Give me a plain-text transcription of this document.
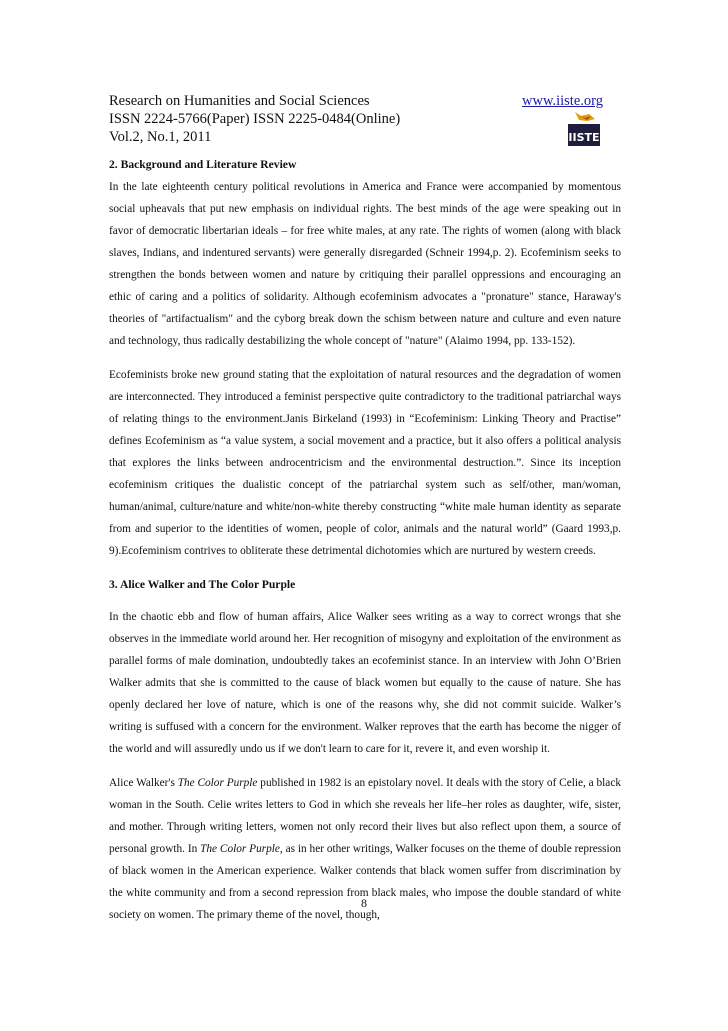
Research on Humanities and Social Sciences	www.iiste.org
ISSN 2224-5766(Paper) ISSN 2225-0484(Online)
Vol.2, No.1, 2011	IISTE
2. Background and Literature Review

In the late eighteenth century political revolutions in America and France were accompanied by momentous social upheavals that put new emphasis on individual rights. The best minds of the age were speaking out in favor of democratic libertarian ideals – for free white males, at any rate. The rights of women (along with black slaves, Indians, and indentured servants) were generally disregarded (Schneir 1994,p. 2). Ecofeminism seeks to strengthen the bonds between women and nature by critiquing their parallel oppressions and encouraging an ethic of caring and a politics of solidarity. Although ecofeminism advocates a "pronature" stance, Haraway's theories of "artifactualism" and the cyborg break down the schism between nature and culture and even nature and technology, thus radically destabilizing the whole concept of "nature" (Alaimo 1994, pp. 133-152).

Ecofeminists broke new ground stating that the exploitation of natural resources and the degradation of women are interconnected. They introduced a feminist perspective quite contradictory to the traditional patriarchal ways of relating things to the environment.Janis Birkeland (1993) in “Ecofeminism: Linking Theory and Practise” defines Ecofeminism as “a value system, a social movement and a practice, but it also offers a political analysis that explores the links between androcentricism and the environmental destruction.”. Since its inception ecofeminism critiques the dualistic concept of the patriarchal system such as self/other, man/woman, human/animal, culture/nature and white/non-white thereby constructing “white male human identity as separate from and superior to the identities of women, people of color, animals and the natural world” (Gaard 1993,p. 9).Ecofeminism contrives to obliterate these detrimental dichotomies which are nurtured by western creeds.

3. Alice Walker and The Color Purple

In the chaotic ebb and flow of human affairs, Alice Walker sees writing as a way to correct wrongs that she observes in the immediate world around her. Her recognition of misogyny and exploitation of the environment as parallel forms of male domination, undoubtedly takes an ecofeminist stance. In an interview with John O’Brien Walker admits that she is committed to the cause of black women but equally to the cause of nature. She has openly declared her love of nature, which is one of the reasons why, she did not commit suicide. Walker’s writing is suffused with a concern for the environment. Walker reproves that the earth has become the nigger of the world and will assuredly undo us if we don't learn to care for it, revere it, and even worship it.

Alice Walker's The Color Purple published in 1982 is an epistolary novel. It deals with the story of Celie, a black woman in the South. Celie writes letters to God in which she reveals her life–her roles as daughter, wife, sister, and mother. Through writing letters, women not only record their lives but also reflect upon them, a source of personal growth. In The Color Purple, as in her other writings, Walker focuses on the theme of double repression of black women in the American experience. Walker contends that black women suffer from discrimination by the white community and from a second repression from black males, who impose the double standard of white society on women. The primary theme of the novel, though,

8
